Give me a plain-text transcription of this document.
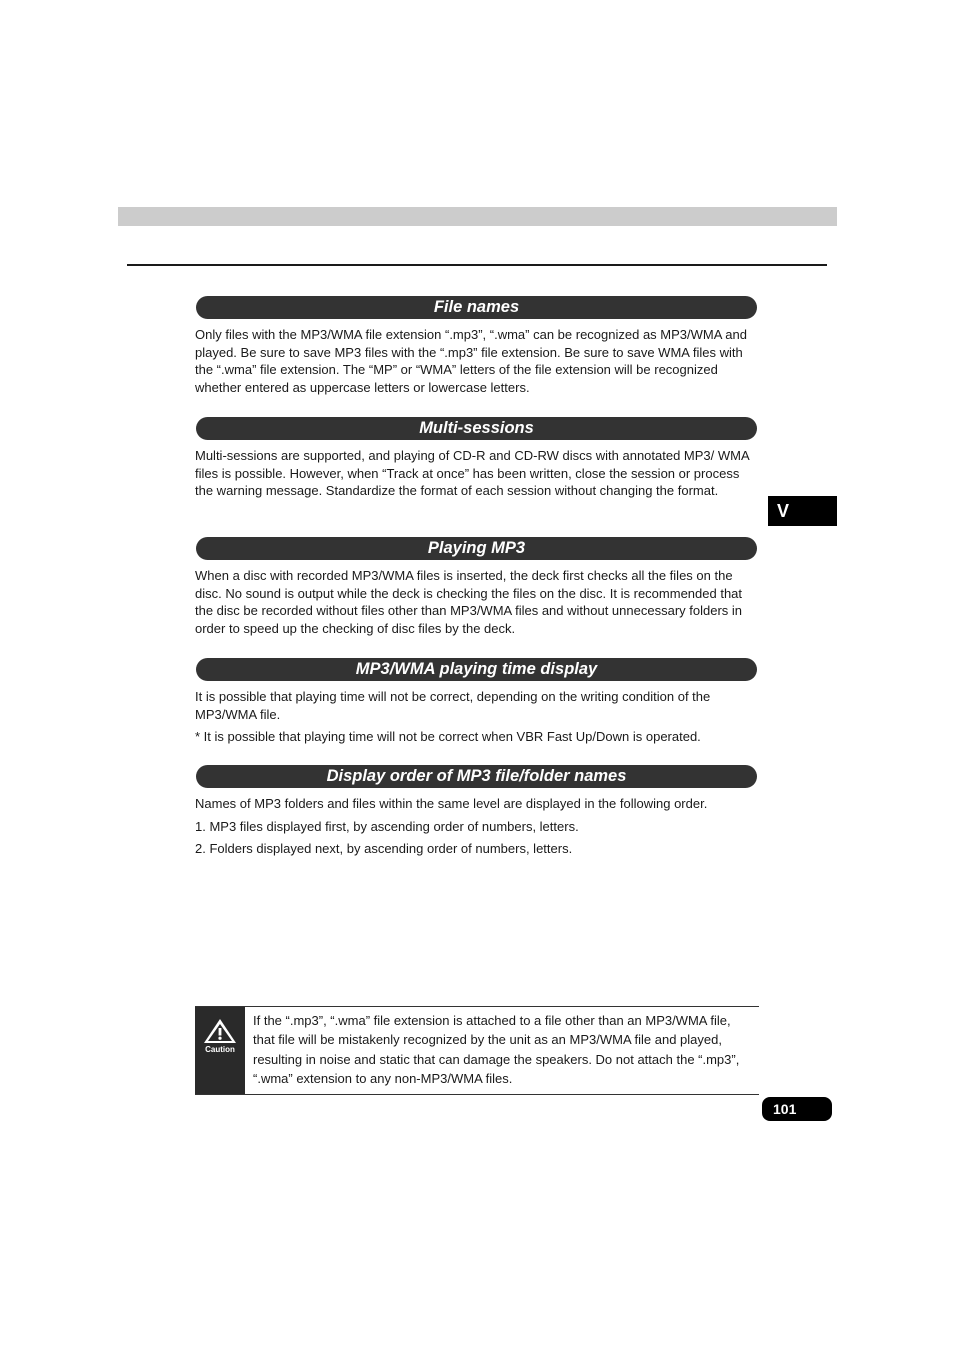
File names

Only files with the MP3/WMA file extension “.mp3”, “.wma” can be recognized as MP3/WMA and played. Be sure to save MP3 files with the “.mp3” file extension. Be sure to save WMA files with the “.wma” file extension. The “MP” or “WMA” letters of the file extension will be recognized whether entered as uppercase letters or lowercase letters.

Multi-sessions

Multi-sessions are supported, and playing of CD-R and CD-RW discs with annotated MP3/ WMA files is possible. However, when “Track at once” has been written, close the session or process the warning message. Standardize the format of each session without changing the format.

Playing MP3

When a disc with recorded MP3/WMA files is inserted, the deck first checks all the files on the disc. No sound is output while the deck is checking the files on the disc. It is recommended that the disc be recorded without files other than MP3/WMA files and without unnecessary folders in order to speed up the checking of disc files by the deck.

MP3/WMA playing time display

It is possible that playing time will not be correct, depending on the writing condition of the MP3/WMA file.

* It is possible that playing time will not be correct when VBR Fast Up/Down is operated.

Display order of MP3 file/folder names

Names of MP3 folders and files within the same level are displayed in the following order.

1. MP3 files displayed first, by ascending order of numbers, letters.

2. Folders displayed next, by ascending order of numbers, letters.

V
Caution

If the “.mp3”, “.wma” file extension is attached to a file other than an MP3/WMA file, that file will be mistakenly recognized by the unit as an MP3/WMA file and played, resulting in noise and static that can damage the speakers. Do not attach the “.mp3”, “.wma” extension to any non-MP3/WMA files.

101
